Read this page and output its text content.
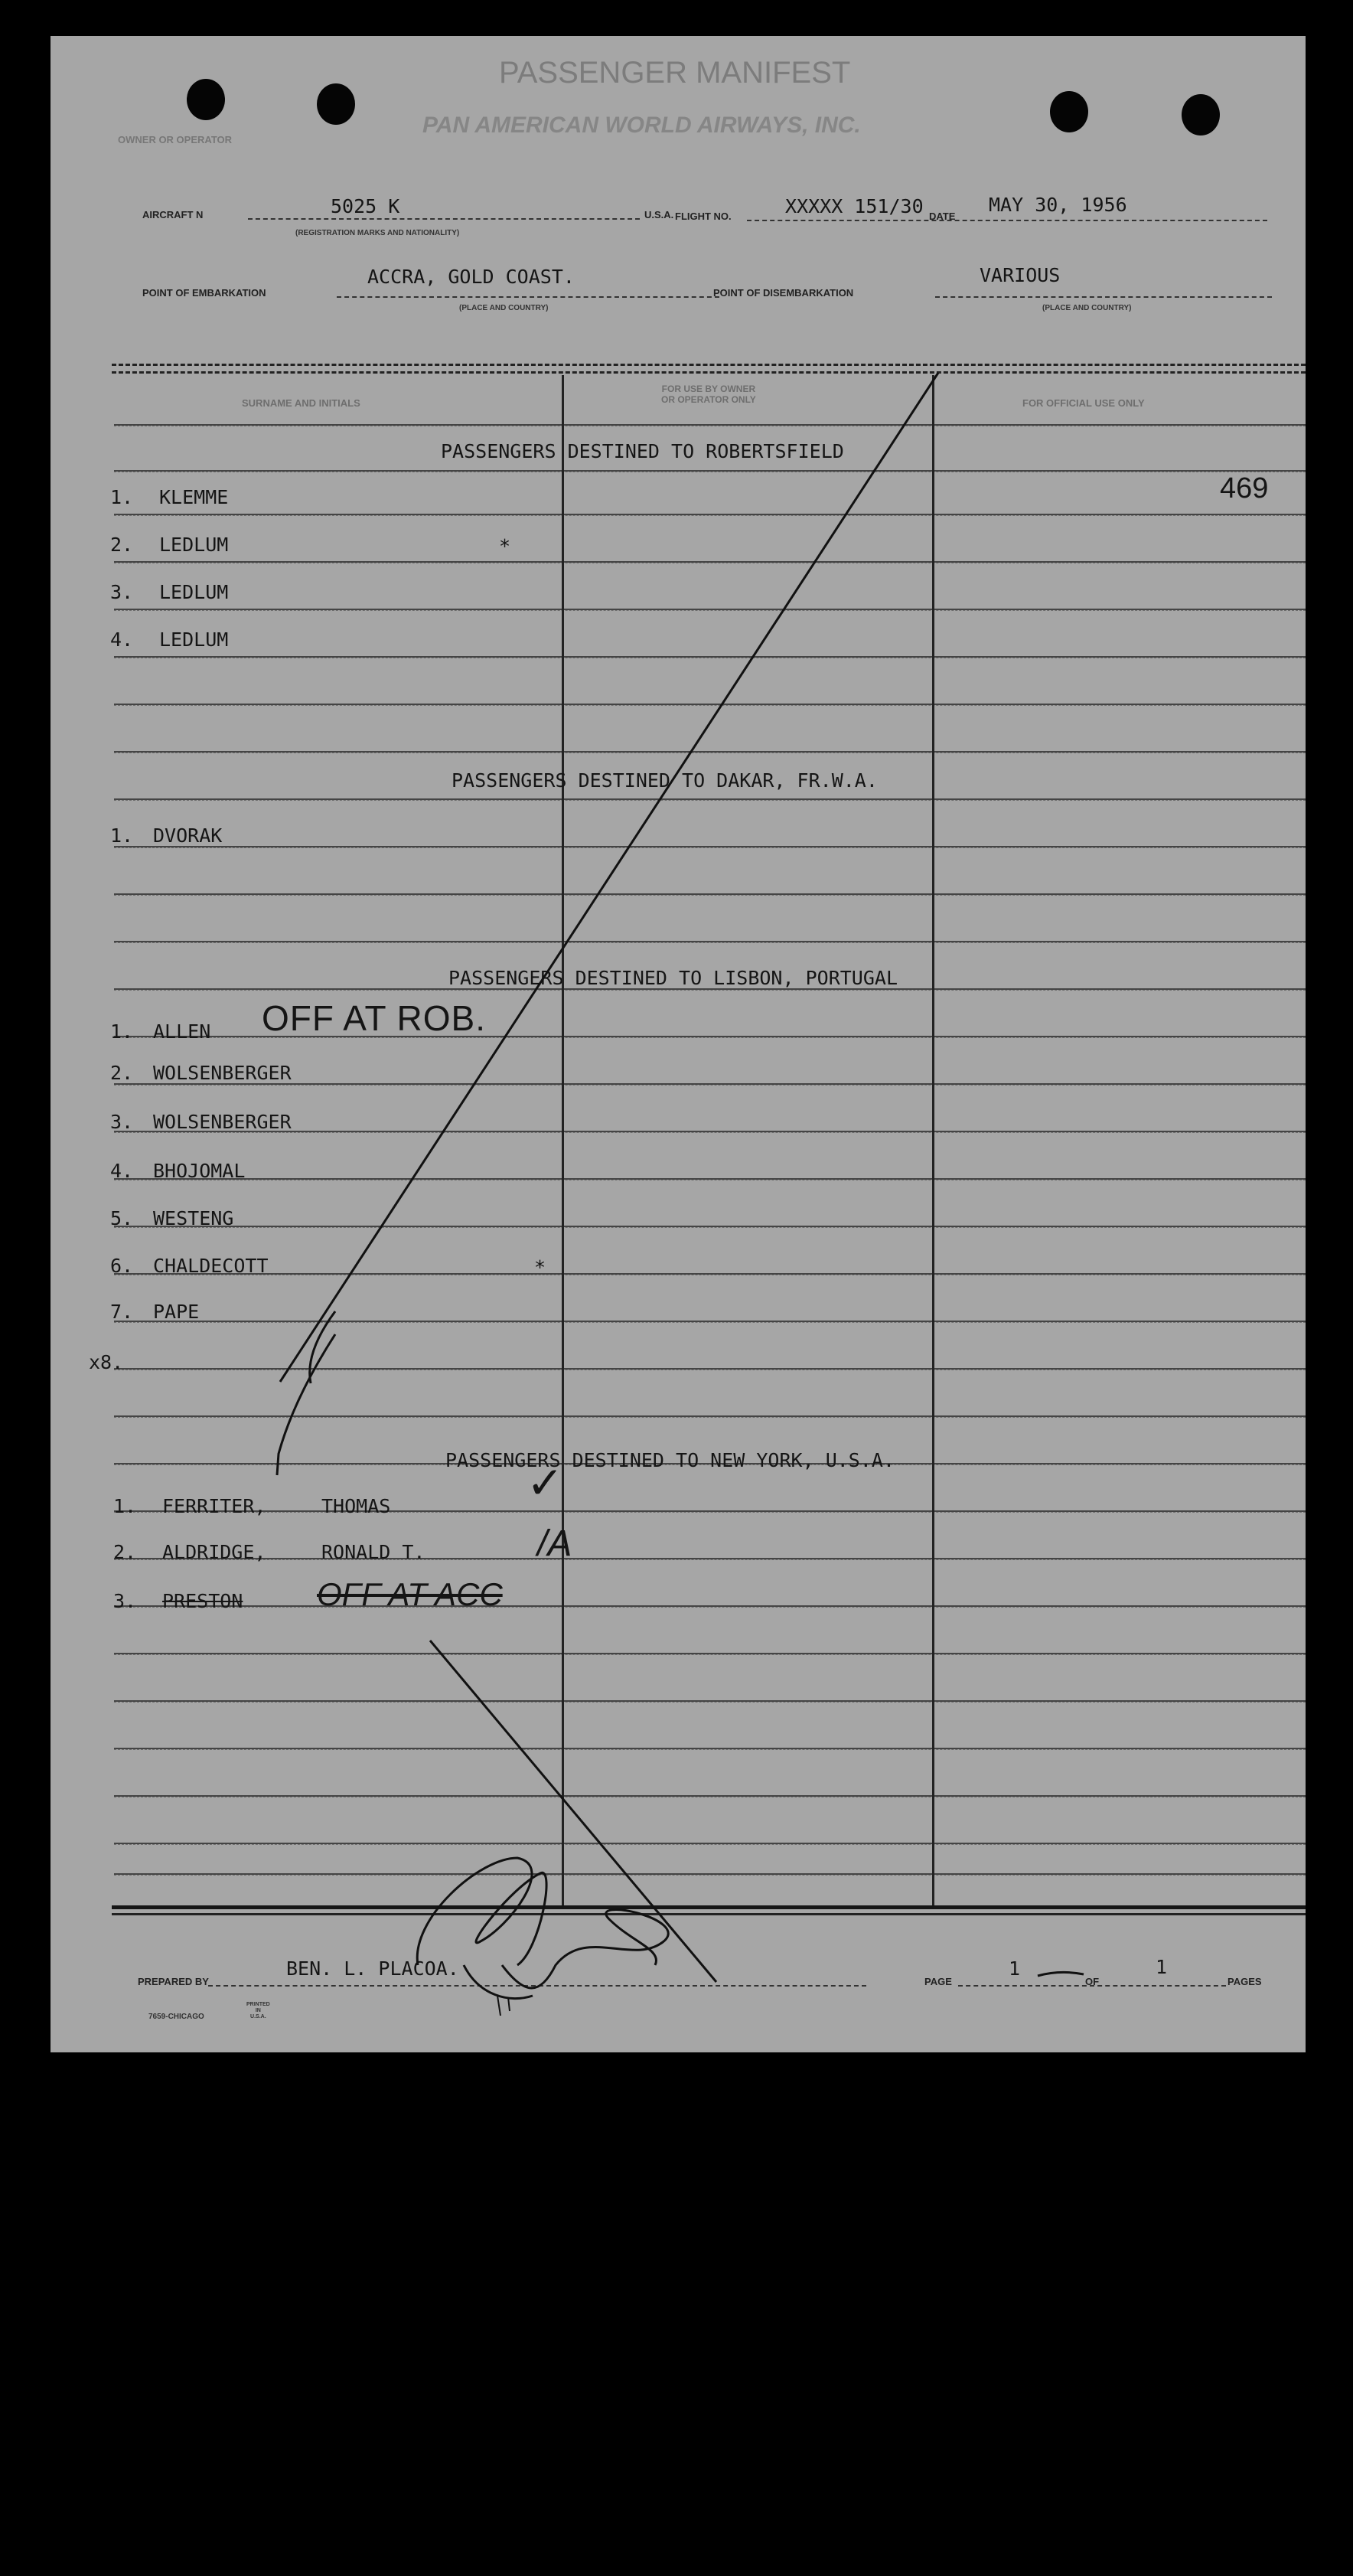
PASSENGER MANIFEST
OWNER OR OPERATOR
PAN AMERICAN WORLD AIRWAYS, INC.
AIRCRAFT N	5025 K
(REGISTRATION MARKS AND NATIONALITY)
U.S.A. FLIGHT NO.	XXXXX 151/30 DATE
MAY 30, 1956
POINT OF EMBARKATION
ACCRA, GOLD COAST.
(PLACE AND COUNTRY)
POINT OF DISEMBARKATION
VARIOUS
(PLACE AND COUNTRY)
SURNAME AND INITIALS
FOR USE BY OWNER
OR OPERATOR ONLY	FOR OFFICIAL USE ONLY
PASSENGERS DESTINED TO ROBERTSFIELD
1. KLEMME	469
2. LEDLUM	*
3. LEDLUM
4. LEDLUM
PASSENGERS DESTINED TO DAKAR, FR.W.A.
1. DVORAK
PASSENGERS DESTINED TO LISBON, PORTUGAL
1. ALLEN OFF AT ROB.
2. WOLSENBERGER
3. WOLSENBERGER
4. BHOJOMAL
5. WESTENG
6. CHALDECOTT	*
7. PAPE
x8.
PASSENGERS DESTINED TO NEW YORK, U.S.A.
1. FERRITER,	THOMAS	✓
2. ALDRIDGE,	RONALD T.	/A
3. PRESTON OFF AT ACC
PREPARED BY
BEN. L. PLACOA.
PAGE
1
OF
1
PAGES
7659-CHICAGO
PRINTED
IN
U.S.A.
